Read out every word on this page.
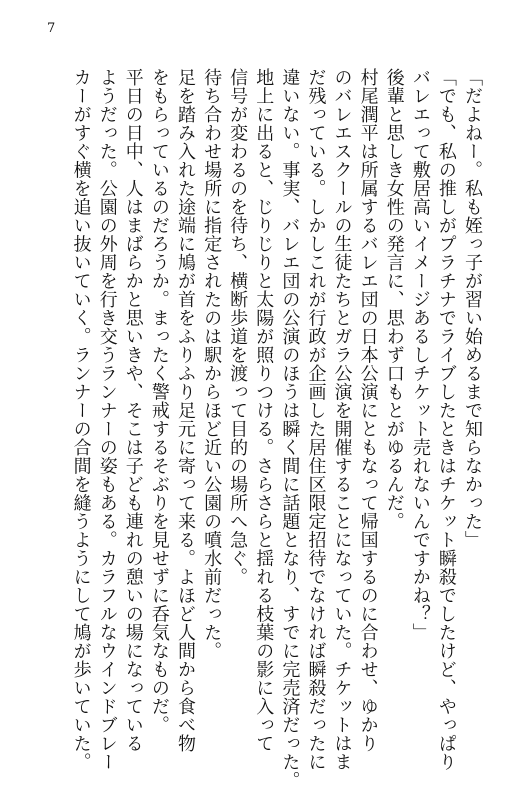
7

「だよねー。私も姪っ子が習い始めるまで知らなかった」

「でも、私の推しがプラチナでライブしたときはチケット瞬殺でしたけど、やっぱり

バレエって敷居高いイメージあるしチケット売れないんですかね？」

後輩と思しき女性の発言に、思わず口もとがゆるんだ。

村尾潤平は所属するバレエ団の日本公演にともなって帰国するのに合わせ、ゆかり

のバレエスクールの生徒たちとガラ公演を開催することになっていた。チケットはま

だ残っている。しかしこれが行政が企画した居住区限定招待でなければ瞬殺だったに

違いない。事実、バレエ団の公演のほうは瞬く間に話題となり、すでに完売済だった。

地上に出ると、じりじりと太陽が照りつける。さらさらと揺れる枝葉の影に入って

信号が変わるのを待ち、横断歩道を渡って目的の場所へ急ぐ。

待ち合わせ場所に指定されたのは駅からほど近い公園の噴水前だった。

足を踏み入れた途端に鳩が首をふりふり足元に寄って来る。よほど人間から食べ物

をもらっているのだろうか。まったく警戒するそぶりを見せずに呑気なものだ。

平日の日中、人はまばらかと思いきや、そこは子ども連れの憩いの場になっている

ようだった。公園の外周を行き交うランナーの姿もある。カラフルなウインドブレー

カーがすぐ横を追い抜いていく。ランナーの合間を縫うようにして鳩が歩いていた。
